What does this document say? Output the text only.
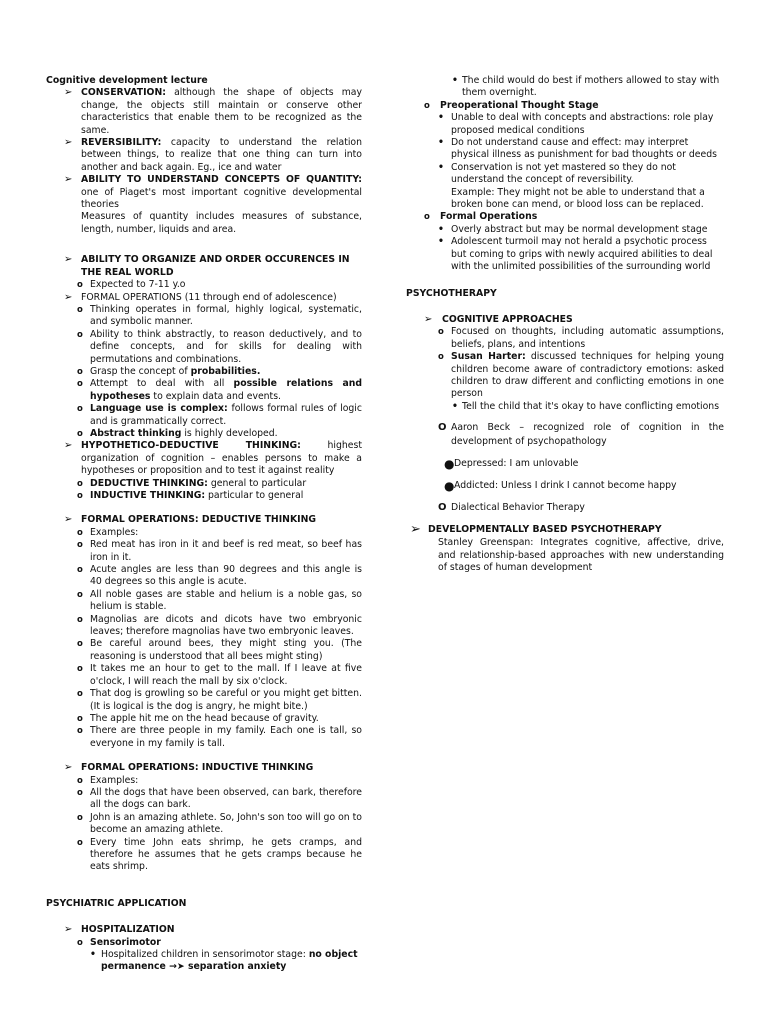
Cognitive development lecture

➢ CONSERVATION: although the shape of objects may change, the objects still maintain or conserve other characteristics that enable them to be recognized as the same.
➢ REVERSIBILITY: capacity to understand the relation between things, to realize that one thing can turn into another and back again. Eg., ice and water
➢ ABILITY TO UNDERSTAND CONCEPTS OF QUANTITY: one of Piaget's most important cognitive developmental theories

Measures of quantity includes measures of substance, length, number, liquids and area.

➢ ABILITY TO ORGANIZE AND ORDER OCCURENCES IN THE REAL WORLD
o Expected to 7-11 y.o
➢ FORMAL OPERATIONS (11 through end of adolescence)
o Thinking operates in formal, highly logical, systematic, and symbolic manner.
o Ability to think abstractly, to reason deductively, and to define concepts, and for skills for dealing with permutations and combinations.
o Grasp the concept of probabilities.
o Attempt to deal with all possible relations and hypotheses to explain data and events.
o Language use is complex: follows formal rules of logic and is grammatically correct.
o Abstract thinking is highly developed.
➢ HYPOTHETICO-DEDUCTIVE THINKING: highest organization of cognition – enables persons to make a hypotheses or proposition and to test it against reality
o DEDUCTIVE THINKING: general to particular
o INDUCTIVE THINKING: particular to general
➢ FORMAL OPERATIONS: DEDUCTIVE THINKING
o Examples:
o Red meat has iron in it and beef is red meat, so beef has iron in it.
o Acute angles are less than 90 degrees and this angle is 40 degrees so this angle is acute.
o All noble gases are stable and helium is a noble gas, so helium is stable.
o Magnolias are dicots and dicots have two embryonic leaves; therefore magnolias have two embryonic leaves.
o Be careful around bees, they might sting you. (The reasoning is understood that all bees might sting)
o It takes me an hour to get to the mall. If I leave at five o'clock, I will reach the mall by six o'clock.
o That dog is growling so be careful or you might get bitten. (It is logical is the dog is angry, he might bite.)
o The apple hit me on the head because of gravity.
o There are three people in my family. Each one is tall, so everyone in my family is tall.
➢ FORMAL OPERATIONS: INDUCTIVE THINKING
o Examples:
o All the dogs that have been observed, can bark, therefore all the dogs can bark.
o John is an amazing athlete. So, John's son too will go on to become an amazing athlete.
o Every time John eats shrimp, he gets cramps, and therefore he assumes that he gets cramps because he eats shrimp.

PSYCHIATRIC APPLICATION

➢ HOSPITALIZATION
o Sensorimotor
• Hospitalized children in sensorimotor stage: no object permanence →➤ separation anxiety
• The child would do best if mothers allowed to stay with them overnight.
o Preoperational Thought Stage
• Unable to deal with concepts and abstractions: role play proposed medical conditions
• Do not understand cause and effect: may interpret physical illness as punishment for bad thoughts or deeds
• Conservation is not yet mastered so they do not understand the concept of reversibility.

Example: They might not be able to understand that a broken bone can mend, or blood loss can be replaced.

o Formal Operations
• Overly abstract but may be normal development stage
• Adolescent turmoil may not herald a psychotic process but coming to grips with newly acquired abilities to deal with the unlimited possibilities of the surrounding world

PSYCHOTHERAPY

➢ COGNITIVE APPROACHES
o Focused on thoughts, including automatic assumptions, beliefs, plans, and intentions
o Susan Harter: discussed techniques for helping young children become aware of contradictory emotions: asked children to draw different and conflicting emotions in one person
• Tell the child that it's okay to have conflicting emotions
O Aaron Beck – recognized role of cognition in the development of psychopathology
● Depressed: I am unlovable
● Addicted: Unless I drink I cannot become happy
O Dialectical Behavior Therapy
➢ DEVELOPMENTALLY BASED PSYCHOTHERAPY

Stanley Greenspan: Integrates cognitive, affective, drive, and relationship-based approaches with new understanding of stages of human development
